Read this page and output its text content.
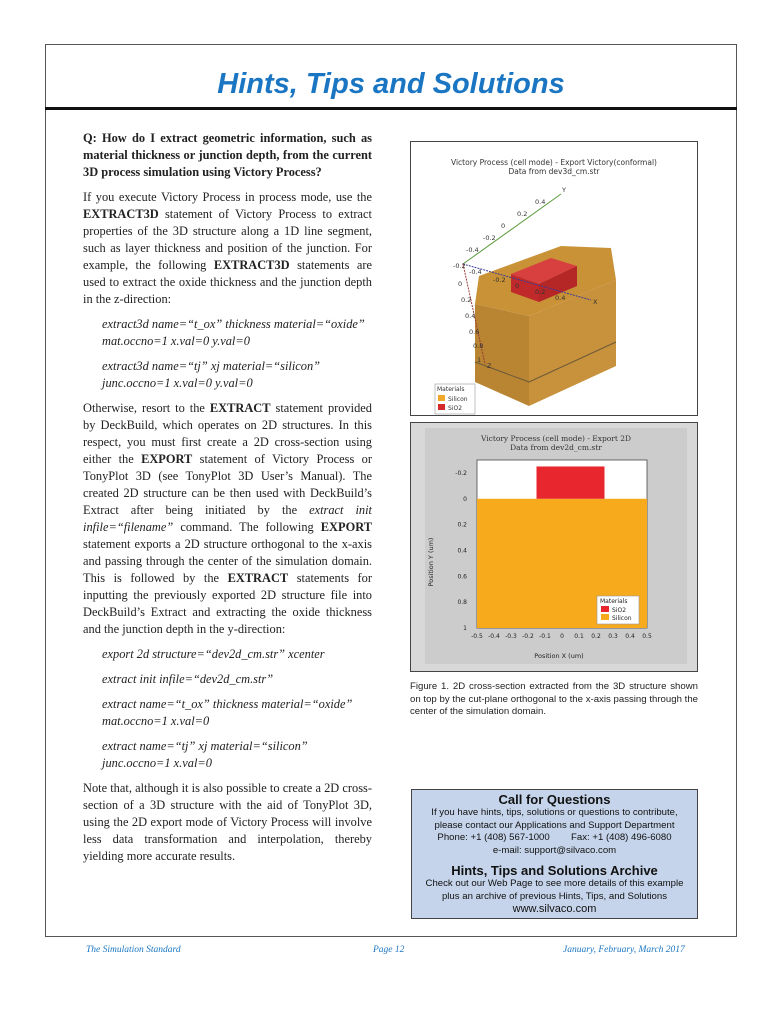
Hints, Tips and Solutions

Q: How do I extract geometric information, such as material thickness or junction depth, from the current 3D process simulation using Victory Process?

If you execute Victory Process in process mode, use the EXTRACT3D statement of Victory Process to extract properties of the 3D structure along a 1D line segment, such as layer thickness and position of the junction. For example, the following EXTRACT3D statements are used to extract the oxide thickness and the junction depth in the z-direction:

extract3d name=“t_ox” thickness material=“oxide” mat.occno=1 x.val=0 y.val=0

extract3d name=“tj” xj material=“silicon” junc.occno=1 x.val=0 y.val=0

Otherwise, resort to the EXTRACT statement provided by DeckBuild, which operates on 2D structures. In this respect, you must first create a 2D cross-section using either the EXPORT statement of Victory Process or TonyPlot 3D (see TonyPlot 3D User’s Manual). The created 2D structure can be then used with DeckBuild’s Extract after being initiated by the extract init infile=“filename” command. The following EXPORT statement exports a 2D structure orthogonal to the x-axis and passing through the center of the simulation domain. This is followed by the EXTRACT statements for inputting the previously exported 2D structure file into DeckBuild’s Extract and extracting the oxide thickness and the junction depth in the y-direction:

export 2d structure=“dev2d_cm.str” xcenter

extract init infile=“dev2d_cm.str”

extract name=“t_ox” thickness material=“oxide” mat.occno=1 x.val=0

extract name=“tj” xj material=“silicon” junc.occno=1 x.val=0

Note that, although it is also possible to create a 2D cross-section of a 3D structure with the aid of TonyPlot 3D, using the 2D export mode of Victory Process will involve less data transformation and interpolation, thereby yielding more accurate results.

Victory Process (cell mode) - Export Victory(conformal)
Data from dev3d_cm.str
Y
X
Z
0.4
0.2
0
-0.2
-0.4
-0.4
-0.2
0
0.2
0.4
-0.2
0
0.2
0.4
0.6
0.8
1
Materials
Silicon
SiO2
Victory Process (cell mode) - Export 2D
Data from dev2d_cm.str
-0.5 -0.4 -0.3 -0.2 -0.1 0 0.1 0.2 0.3 0.4 0.5
-0.2
0
0.2
0.4
0.6
0.8
1
Position X (um)
Position Y (um)
Materials
SiO2
Silicon
Figure 1. 2D cross-section extracted from the 3D structure shown on top by the cut-plane orthogonal to the x-axis passing through the center of the simulation domain.
Call for Questions
If you have hints, tips, solutions or questions to contribute,
please contact our Applications and Support Department
Phone: +1 (408) 567-1000        Fax: +1 (408) 496-6080
e-mail: support@silvaco.com
Hints, Tips and Solutions Archive
Check out our Web Page to see more details of this example
plus an archive of previous Hints, Tips, and Solutions
www.silvaco.com
The Simulation Standard	Page 12	January, February, March 2017
